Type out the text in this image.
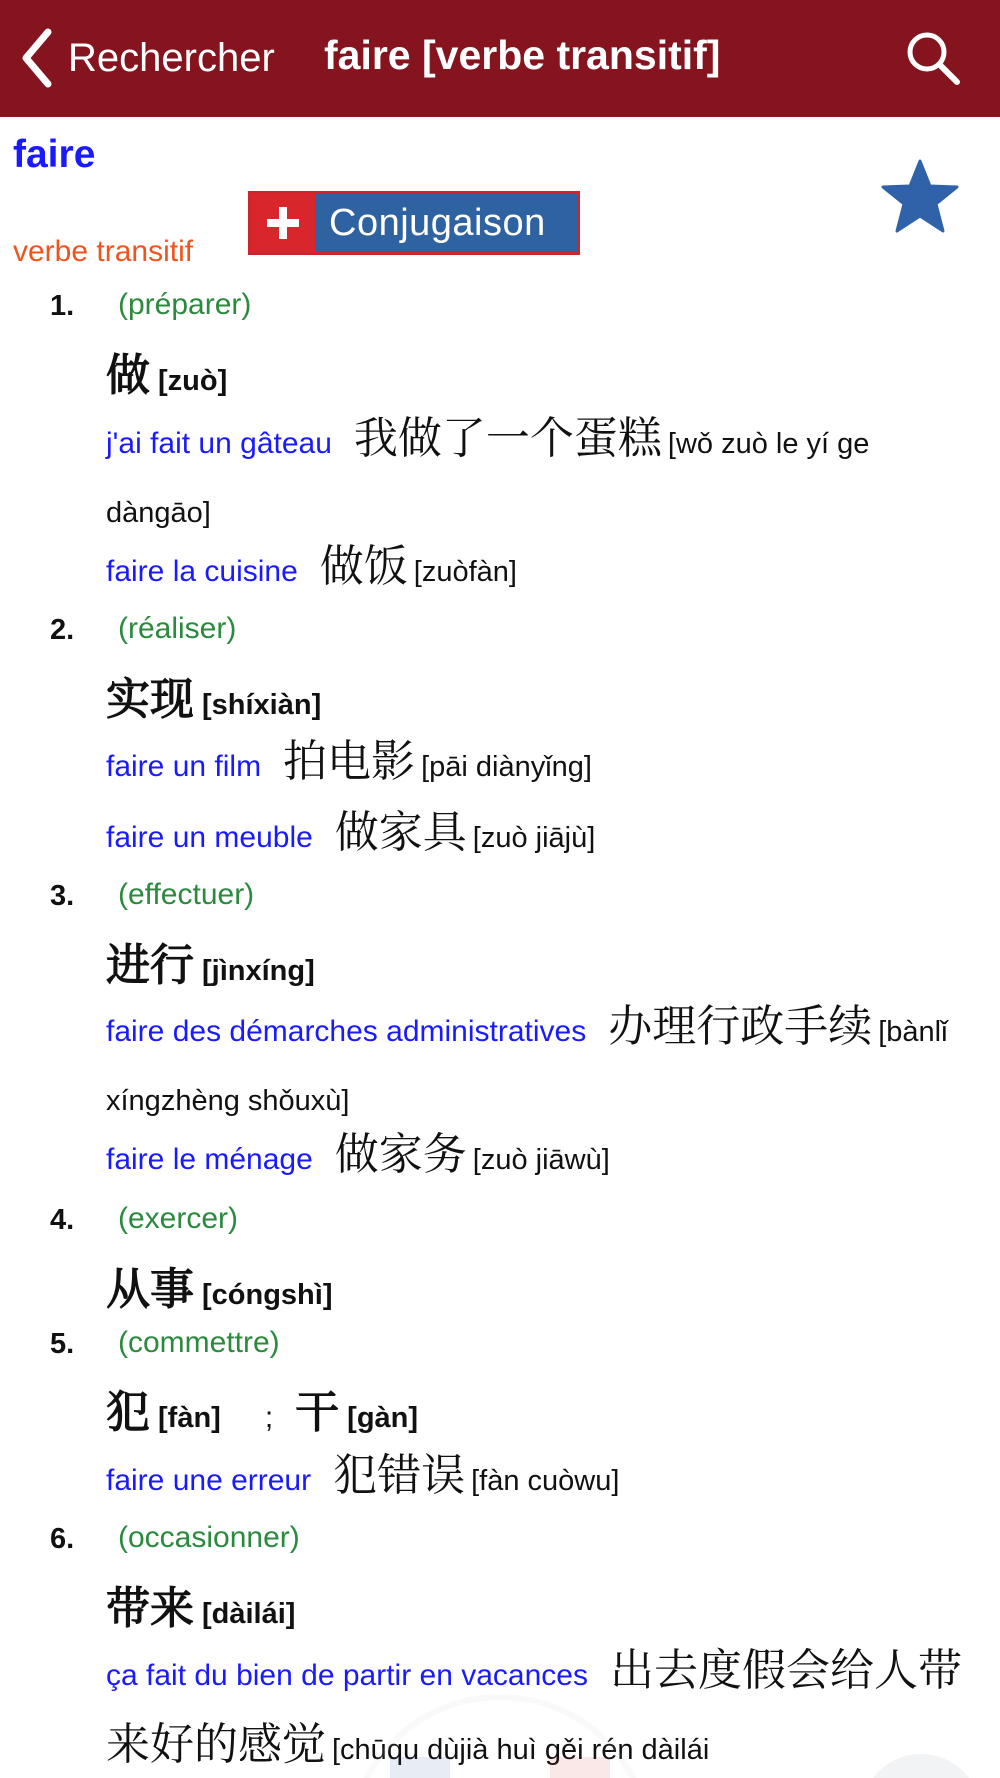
Rechercher faire [verbe transitif]
faire
Conjugaison
verbe transitif
1. (préparer)
做 [zuò]
j'ai fait un gâteau 我做了一个蛋糕 [wǒ zuò le yí ge dàngāo]
faire la cuisine 做饭 [zuòfàn]
2. (réaliser)
实现 [shíxiàn]
faire un film 拍电影 [pāi diànyǐng]
faire un meuble 做家具 [zuò jiājù]
3. (effectuer)
进行 [jìnxíng]
faire des démarches administratives 办理行政手续 [bànlǐ xíngzhèng shǒuxù]
faire le ménage 做家务 [zuò jiāwù]
4. (exercer)
从事 [cóngshì]
5. (commettre)
犯 [fàn] ; 干 [gàn]
faire une erreur 犯错误 [fàn cuòwu]
6. (occasionner)
带来 [dàilái]
ça fait du bien de partir en vacances 出去度假会给人带来好的感觉 [chūqu dùjià huì gěi rén dàilái
